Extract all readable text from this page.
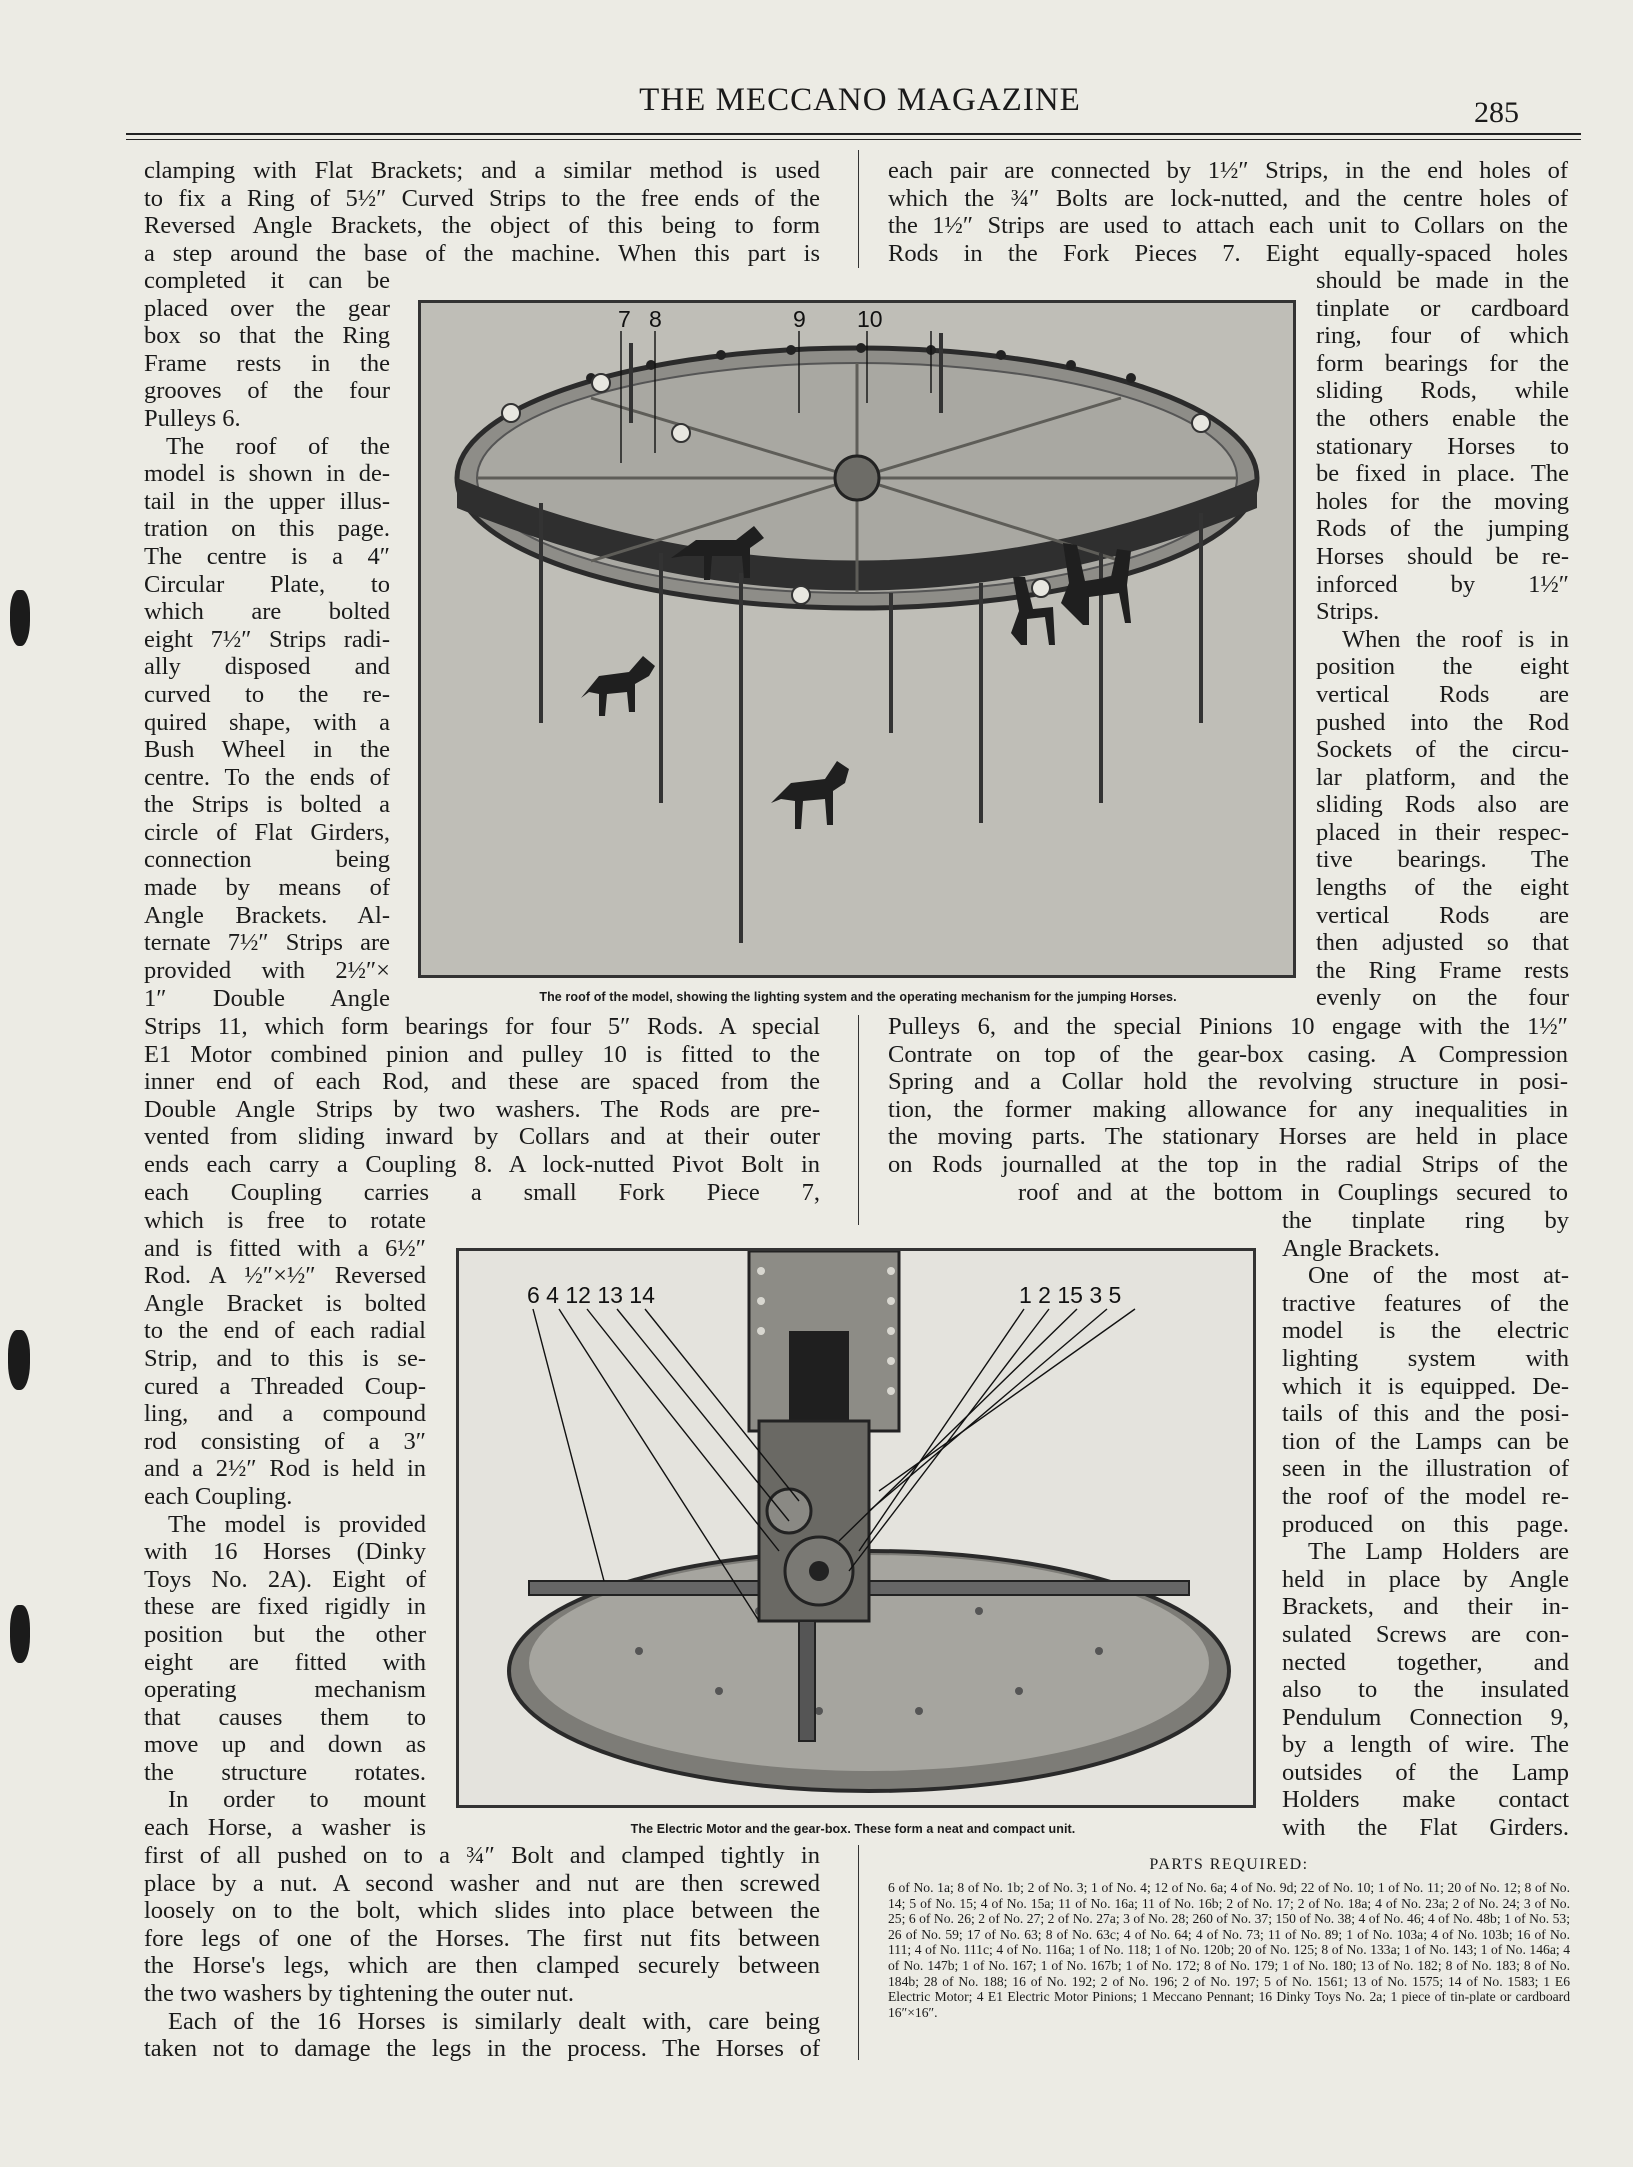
THE MECCANO MAGAZINE	285
clamping with Flat Brackets; and a similar method is used
to fix a Ring of 5½″ Curved Strips to the free ends of the
Reversed Angle Brackets, the object of this being to form
a step around the base of the machine. When this part is
each pair are connected by 1½″ Strips, in the end holes of
which the ¾″ Bolts are lock-nutted, and the centre holes of
the 1½″ Strips are used to attach each unit to Collars on the
Rods in the Fork Pieces 7. Eight equally-spaced holes
completed it can be
placed over the gear
box so that the Ring
Frame rests in the
grooves of the four
Pulleys 6.
The roof of the
model is shown in de-
tail in the upper illus-
tration on this page.
The centre is a 4″
Circular Plate, to
which are bolted
eight 7½″ Strips radi-
ally disposed and
curved to the re-
quired shape, with a
Bush Wheel in the
centre. To the ends of
the Strips is bolted a
circle of Flat Girders,
connection being
made by means of
Angle Brackets. Al-
ternate 7½″ Strips are
provided with 2½″×
1″ Double Angle
7 8	9 10
The roof of the model, showing the lighting system and the operating mechanism for the jumping Horses.
should be made in the
tinplate or cardboard
ring, four of which
form bearings for the
sliding Rods, while
the others enable the
stationary Horses to
be fixed in place. The
holes for the moving
Rods of the jumping
Horses should be re-
inforced by 1½″
Strips.
When the roof is in
position the eight
vertical Rods are
pushed into the Rod
Sockets of the circu-
lar platform, and the
sliding Rods also are
placed in their respec-
tive bearings. The
lengths of the eight
vertical Rods are
then adjusted so that
the Ring Frame rests
evenly on the four
Strips 11, which form bearings for four 5″ Rods. A special
E1 Motor combined pinion and pulley 10 is fitted to the
inner end of each Rod, and these are spaced from the
Double Angle Strips by two washers. The Rods are pre-
vented from sliding inward by Collars and at their outer
ends each carry a Coupling 8. A lock-nutted Pivot Bolt in
each Coupling carries a small Fork Piece 7,
Pulleys 6, and the special Pinions 10 engage with the 1½″
Contrate on top of the gear-box casing. A Compression
Spring and a Collar hold the revolving structure in posi-
tion, the former making allowance for any inequalities in
the moving parts. The stationary Horses are held in place
on Rods journalled at the top in the radial Strips of the
roof and at the bottom in Couplings secured to
which is free to rotate
and is fitted with a 6½″
Rod. A ½″×½″ Reversed
Angle Bracket is bolted
to the end of each radial
Strip, and to this is se-
cured a Threaded Coup-
ling, and a compound
rod consisting of a 3″
and a 2½″ Rod is held in
each Coupling.
The model is provided
with 16 Horses (Dinky
Toys No. 2A). Eight of
these are fixed rigidly in
position but the other
eight are fitted with
operating mechanism
that causes them to
move up and down as
the structure rotates.
In order to mount
each Horse, a washer is
6 4 12 13 14	1 2 15 3 5
The Electric Motor and the gear-box. These form a neat and compact unit.
the tinplate ring by
Angle Brackets.
One of the most at-
tractive features of the
model is the electric
lighting system with
which it is equipped. De-
tails of this and the posi-
tion of the Lamps can be
seen in the illustration of
the roof of the model re-
produced on this page.
The Lamp Holders are
held in place by Angle
Brackets, and their in-
sulated Screws are con-
nected together, and
also to the insulated
Pendulum Connection 9,
by a length of wire. The
outsides of the Lamp
Holders make contact
with the Flat Girders.
first of all pushed on to a ¾″ Bolt and clamped tightly in
place by a nut. A second washer and nut are then screwed
loosely on to the bolt, which slides into place between the
fore legs of one of the Horses. The first nut fits between
the Horse's legs, which are then clamped securely between
the two washers by tightening the outer nut.
Each of the 16 Horses is similarly dealt with, care being
taken not to damage the legs in the process. The Horses of
PARTS REQUIRED:
6 of No. 1a; 8 of No. 1b; 2 of No. 3; 1 of No. 4; 12 of No. 6a; 4 of No. 9d; 22 of No. 10; 1 of No. 11; 20 of No. 12; 8 of No. 14; 5 of No. 15; 4 of No. 15a; 11 of No. 16a; 11 of No. 16b; 2 of No. 17; 2 of No. 18a; 4 of No. 23a; 2 of No. 24; 3 of No. 25; 6 of No. 26; 2 of No. 27; 2 of No. 27a; 3 of No. 28; 260 of No. 37; 150 of No. 38; 4 of No. 46; 4 of No. 48b; 1 of No. 53; 26 of No. 59; 17 of No. 63; 8 of No. 63c; 4 of No. 64; 4 of No. 73; 11 of No. 89; 1 of No. 103a; 4 of No. 103b; 16 of No. 111; 4 of No. 111c; 4 of No. 116a; 1 of No. 118; 1 of No. 120b; 20 of No. 125; 8 of No. 133a; 1 of No. 143; 1 of No. 146a; 4 of No. 147b; 1 of No. 167; 1 of No. 167b; 1 of No. 172; 8 of No. 179; 1 of No. 180; 13 of No. 182; 8 of No. 183; 8 of No. 184b; 28 of No. 188; 16 of No. 192; 2 of No. 196; 2 of No. 197; 5 of No. 1561; 13 of No. 1575; 14 of No. 1583; 1 E6 Electric Motor; 4 E1 Electric Motor Pinions; 1 Meccano Pennant; 16 Dinky Toys No. 2a; 1 piece of tin-plate or cardboard 16″×16″.
